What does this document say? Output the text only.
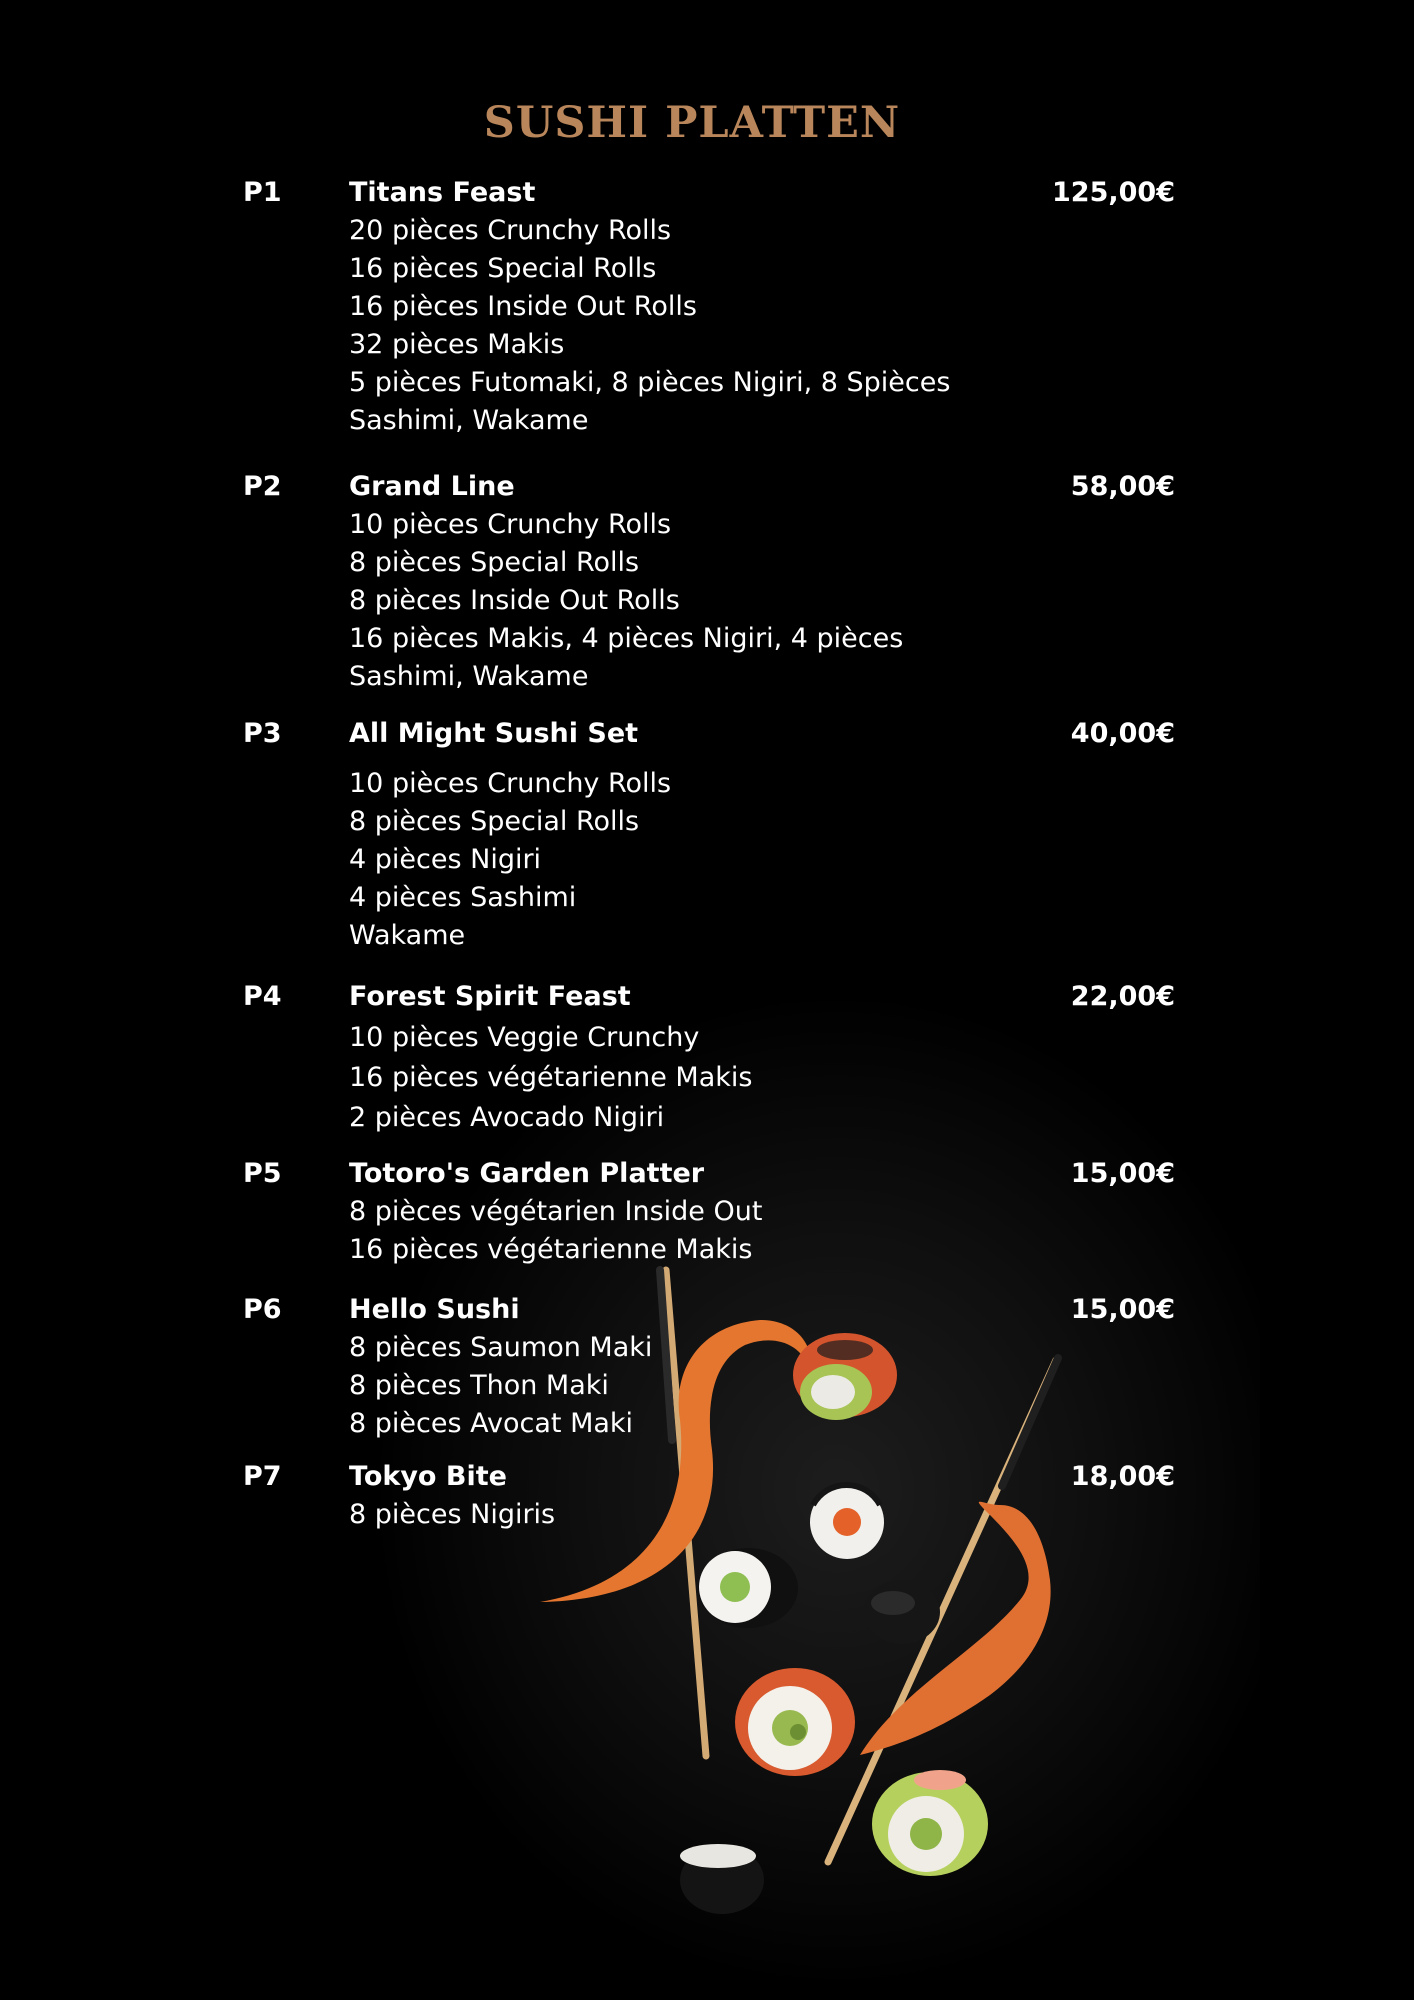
SUSHI PLATTEN
P1 Titans Feast	125,00€
20 pièces Crunchy Rolls
16 pièces Special Rolls
16 pièces Inside Out Rolls
32 pièces Makis
5 pièces Futomaki, 8 pièces Nigiri, 8 Spièces
Sashimi, Wakame
P2 Grand Line	58,00€
10 pièces Crunchy Rolls
8 pièces Special Rolls
8 pièces Inside Out Rolls
16 pièces Makis, 4 pièces Nigiri, 4 pièces
Sashimi, Wakame
P3 All Might Sushi Set	40,00€
10 pièces Crunchy Rolls
8 pièces Special Rolls
4 pièces Nigiri
4 pièces Sashimi
Wakame
P4 Forest Spirit Feast	22,00€
10 pièces Veggie Crunchy
16 pièces végétarienne Makis
2 pièces Avocado Nigiri
P5 Totoro's Garden Platter	15,00€
8 pièces végétarien Inside Out
16 pièces végétarienne Makis
P6 Hello Sushi	15,00€
8 pièces Saumon Maki
8 pièces Thon Maki
8 pièces Avocat Maki
P7 Tokyo Bite	18,00€
8 pièces Nigiris
